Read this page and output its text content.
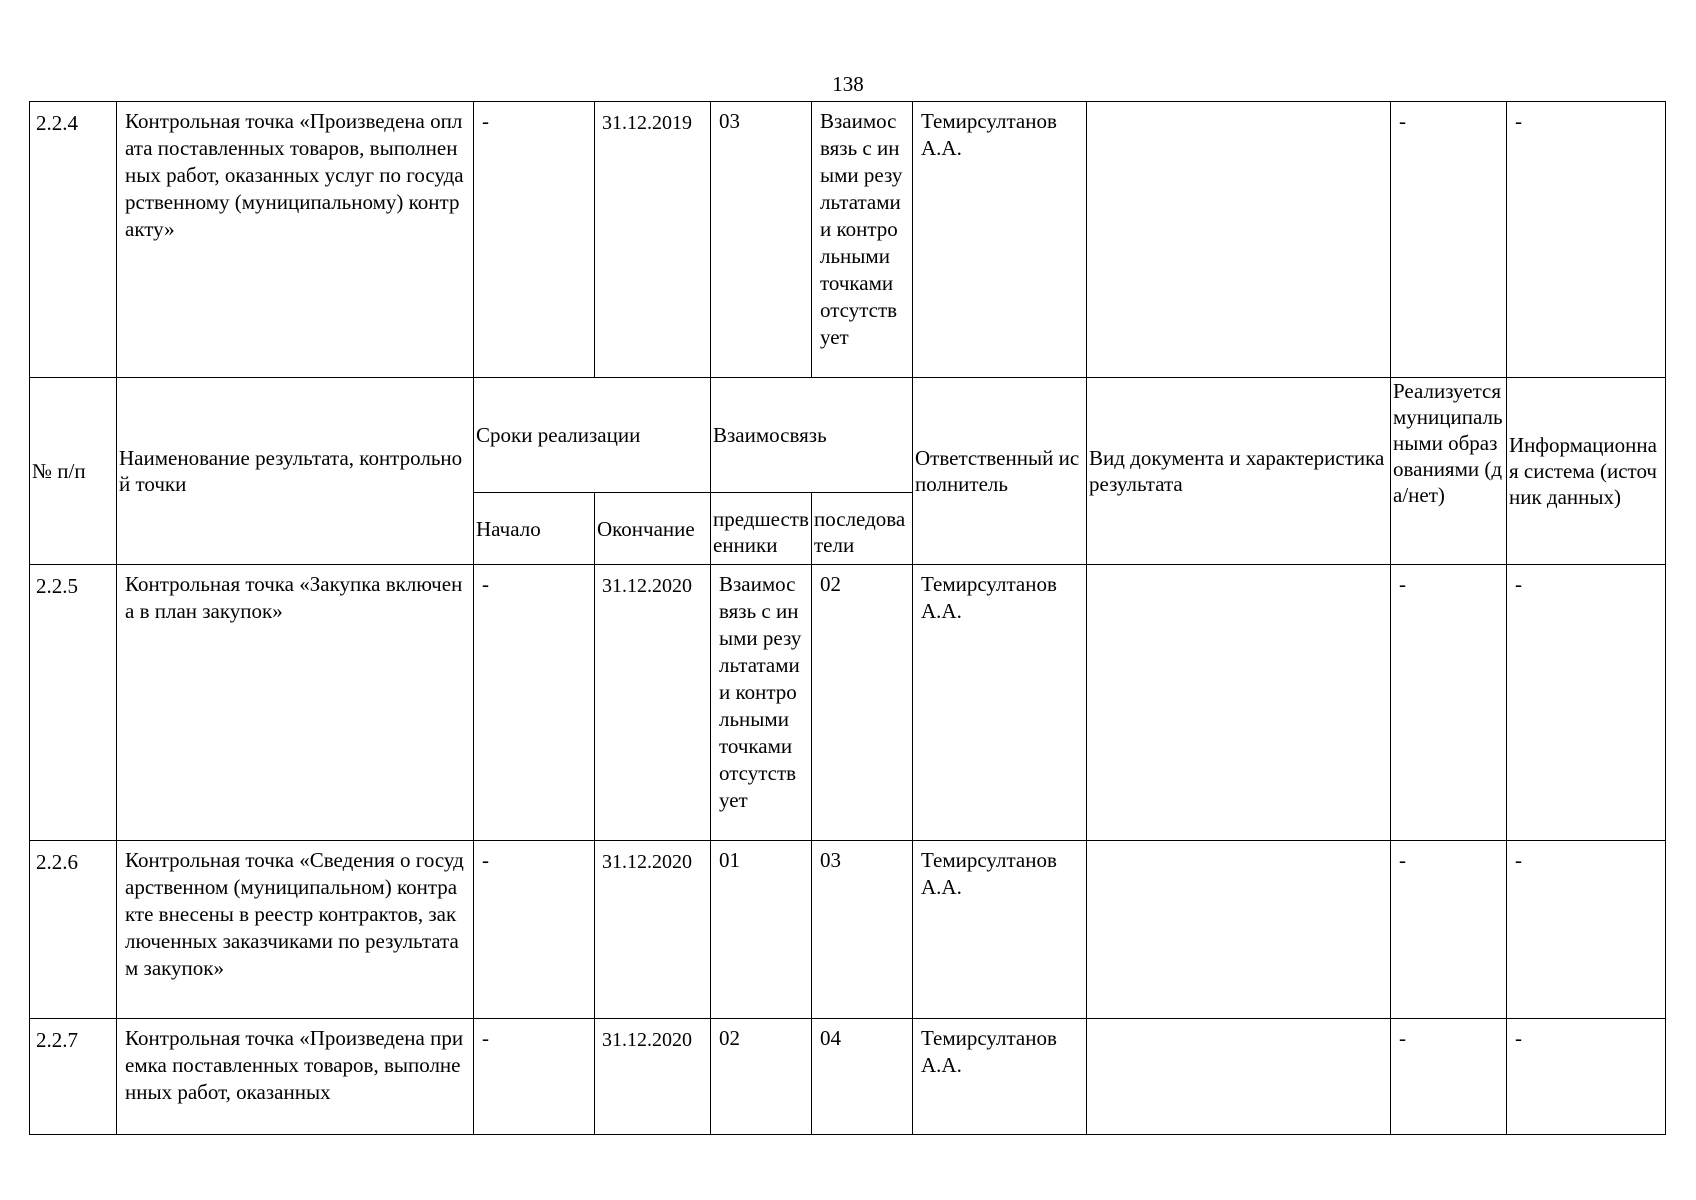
138
2.2.4	Контрольная точка «Произведена оплата поставленных товаров, выполненных работ, оказанных услуг по государственному (муниципальному) контракту»	-	31.12.2019	03	Взаимосвязь с иными результатами и контрольными точками отсутствует	Темирсултанов А.А.		-	-
№ п/п	Наименование результата, контрольной точки	Сроки реализации		Взаимосвязь		Ответственный исполнитель	Вид документа и характеристика результата	Реализуется муниципальными образованиями (да/нет)	Информационная система (источник данных)
		Начало	Окончание	предшественники	последователи				
2.2.5	Контрольная точка «Закупка включена в план закупок»	-	31.12.2020	Взаимосвязь с иными результатами и контрольными точками отсутствует	02	Темирсултанов А.А.		-	-
2.2.6	Контрольная точка «Сведения о государственном (муниципальном) контракте внесены в реестр контрактов, заключенных заказчиками по результатам закупок»	-	31.12.2020	01	03	Темирсултанов А.А.		-	-
2.2.7	Контрольная точка «Произведена приемка поставленных товаров, выполненных работ, оказанных	-	31.12.2020	02	04	Темирсултанов А.А.		-	-
